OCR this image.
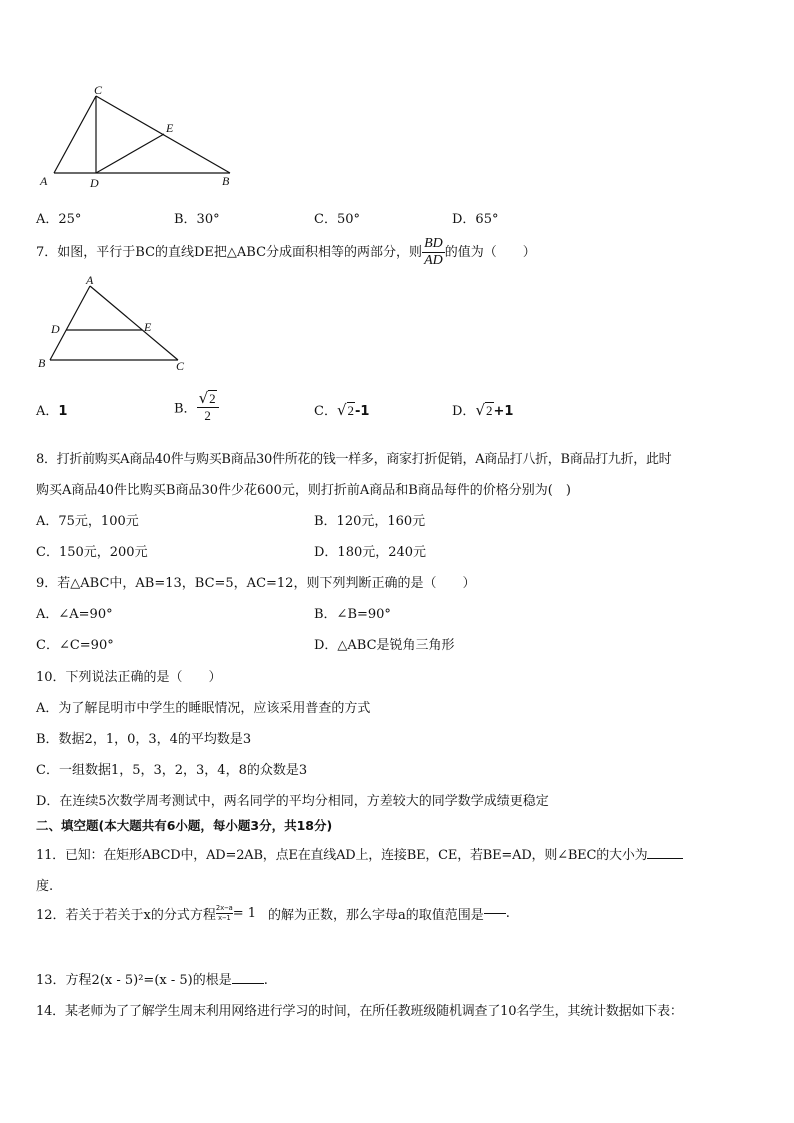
C
E
A	D	B
A．25°	B．30°	C．50°	D．65°
7．如图，平行于BC的直线DE把△ABC分成面积相等的两部分，则 $\frac{BD}{AD}$ 的值为（　　）
A
D	E
B	C
A．1	B． $\frac{√2}{2}$	C．√2-1	D．√2+1
8．打折前购买A商品40件与购买B商品30件所花的钱一样多，商家打折促销，A商品打八折，B商品打九折，此时
购买A商品40件比购买B商品30件少花600元，则打折前A商品和B商品每件的价格分别为(　)
A．75元，100元	B．120元，160元
C．150元，200元	D．180元，240元
9．若△ABC中，AB=13，BC=5，AC=12，则下列判断正确的是（　　）
A．∠A=90°	B．∠B=90°
C．∠C=90°	D．△ABC是锐角三角形
10．下列说法正确的是（　　）
A．为了解昆明市中学生的睡眠情况，应该采用普查的方式
B．数据2，1，0，3，4的平均数是3
C．一组数据1，5，3，2，3，4，8的众数是3
D．在连续5次数学周考测试中，两名同学的平均分相同，方差较大的同学数学成绩更稳定
二、填空题(本大题共有6小题，每小题3分，共18分)
11．已知：在矩形ABCD中，AD=2AB，点E在直线AD上，连接BE，CE，若BE=AD，则∠BEC的大小为
度.
12．若关于若关于x的分式方程 $\frac{2x-a}{x-1}= 1$ 的解为正数，那么字母a的取值范围是 .
13．方程2(x - 5)²=(x - 5)的根是 .
14．某老师为了了解学生周末利用网络进行学习的时间，在所任教班级随机调查了10名学生，其统计数据如下表：
